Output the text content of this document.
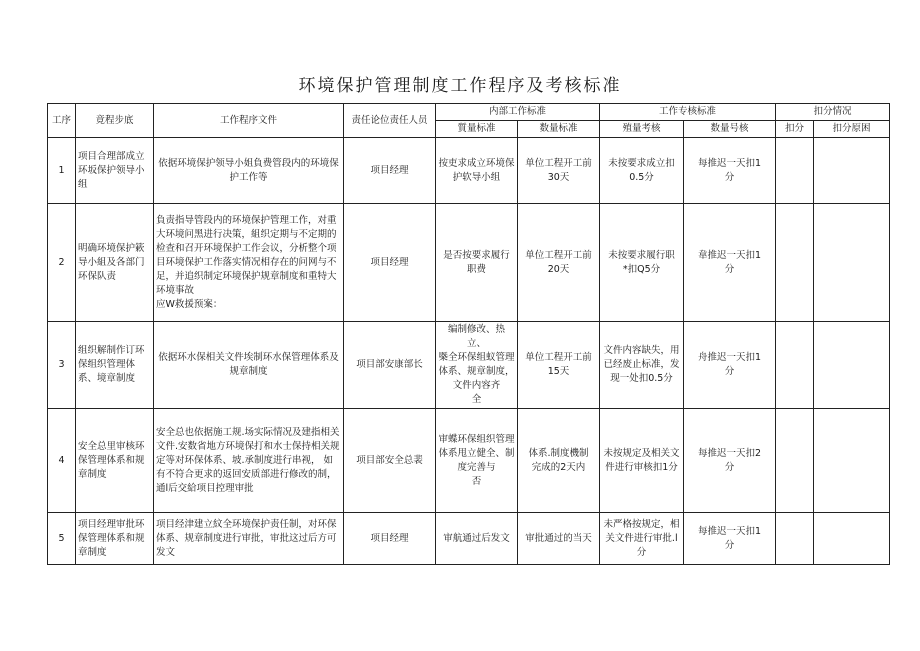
环境保护管理制度工作程序及考核标准
工序	竟程步底	工作程序文件	责任论位责任人员	内部工作标准		工作专核标准		扣分情况	
				質量标准	数量标准	殖量考核	数量号核	扣分	扣分原困
1	项目合理部成立环坂保护领导小组	依据环境保护领导小姐負费管段内的环境保护工作等	项目经理	按吏求成立环境保护软导小组	单位工程开工前
30天	未按要求成立扣
0.5分	每推迟一天扣1
分		
2	明确环境保护簌导小組及各部门环保队责	負责指导管段内的环境保护管理工作，对重大环境问黑进行决策，組织定期与不定期的检查和召开环境保护工作会议，分析整个项目环境保护工作落实情况相存在的问网与不足，并追织制定环境保护规章制度和重特大环境事故
应W救援预案：	项目经理	是否按要求履行
职费	单位工程开工前
20天	未按要求履行职
*扣Q5分	韋推迟一天扣1
分		
3	组织解制作订环保组织管理体系、境章制度	依据环水保相关文件埃制环水保管理体系及规章制度	项目部安康部长	编制修改、热
立、
槩全环保组蚁管理体系、规章制度，文件内容齐
全	单位工程开工前
15天	文件内容缺失，用已经废止标准，发现一处扣0.5分	舟推迟一天扣1
分		
4	安全总里审核环保管理体系和规章制度	安全总也依据施工规.场实际情况及建指相关文件.安数省地方环境保打和水士保持相关规定等对环保体系、坡.承制度进行串视， 如有不符合更求的返回安质部进行修改的制， 通l后交給项目控理审批	项目部安全总裴	审蝶环保组织管理体系甩立健全、制度完善与
否	体系.制度機制
完成的2天内	未按规定及相关文件进行审核扣1分	每推迟一天扣2
分		
5	项目经理审批环保管理体系和规章制度	项目经津建立紋全环境保护责任制，对环保体系、规章制度进行审批，审批这过后方可发文	项目经理	审航通过后发文	审批通过的当天	未严格按规定，相关文件进行审批.l
分	每推迟一天扣1
分		
